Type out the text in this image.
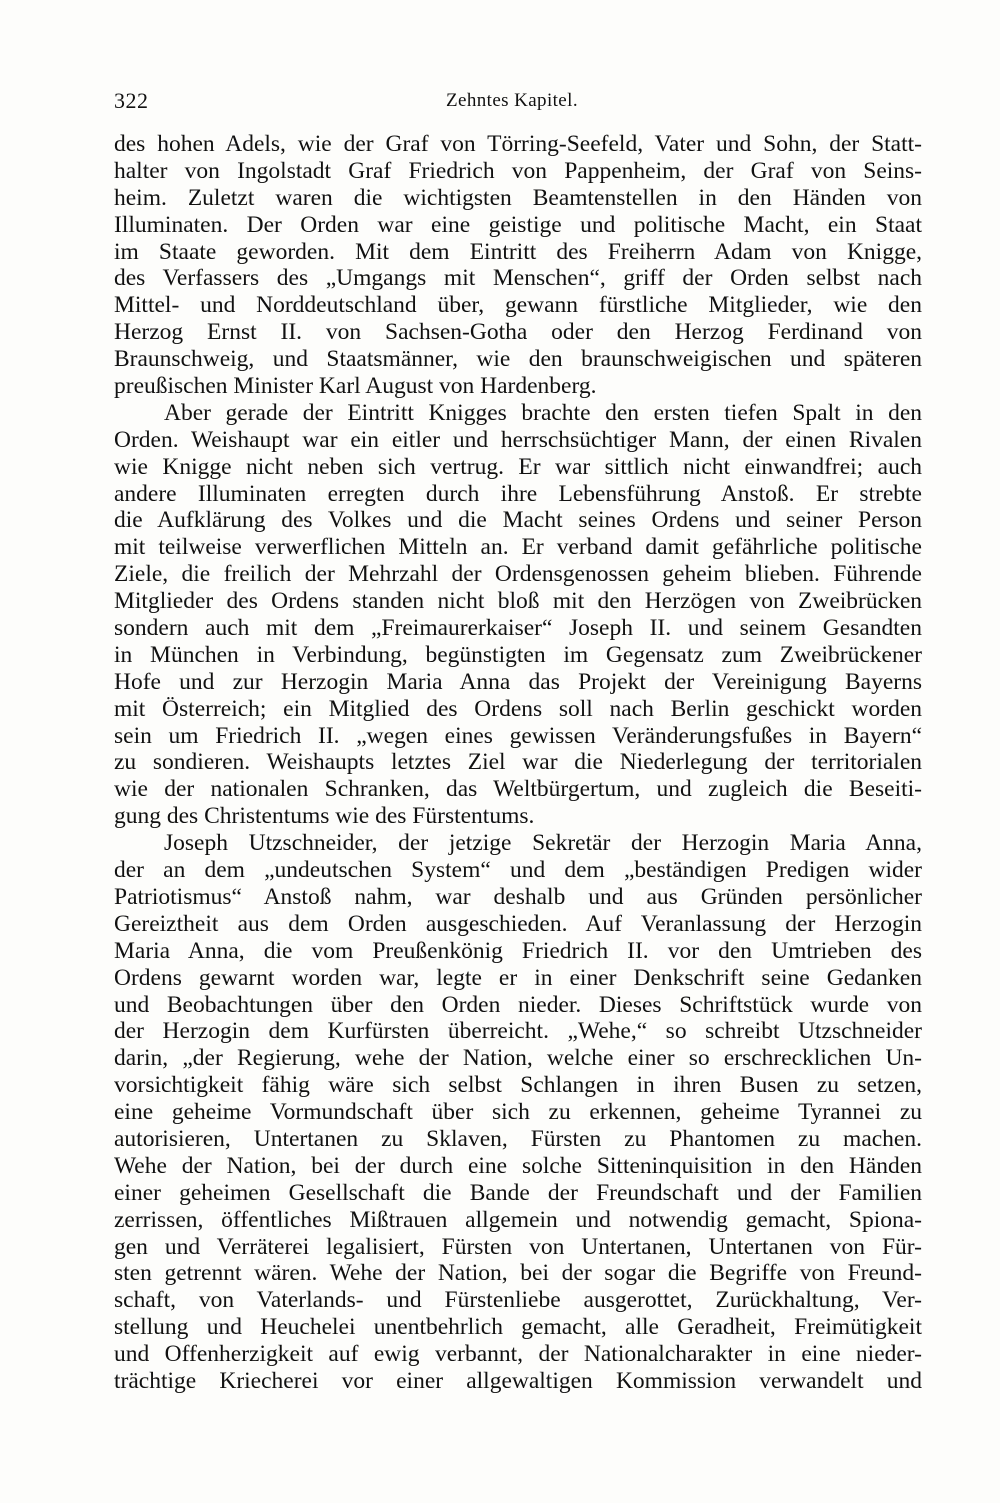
322	Zehntes Kapitel.
des hohen Adels, wie der Graf von Törring-Seefeld, Vater und Sohn, der Statt-
halter von Ingolstadt Graf Friedrich von Pappenheim, der Graf von Seins-
heim. Zuletzt waren die wichtigsten Beamtenstellen in den Händen von
Illuminaten. Der Orden war eine geistige und politische Macht, ein Staat
im Staate geworden. Mit dem Eintritt des Freiherrn Adam von Knigge,
des Verfassers des „Umgangs mit Menschen“, griff der Orden selbst nach
Mittel- und Norddeutschland über, gewann fürstliche Mitglieder, wie den
Herzog Ernst II. von Sachsen-Gotha oder den Herzog Ferdinand von
Braunschweig, und Staatsmänner, wie den braunschweigischen und späteren
preußischen Minister Karl August von Hardenberg.
Aber gerade der Eintritt Knigges brachte den ersten tiefen Spalt in den
Orden. Weishaupt war ein eitler und herrschsüchtiger Mann, der einen Rivalen
wie Knigge nicht neben sich vertrug. Er war sittlich nicht einwandfrei; auch
andere Illuminaten erregten durch ihre Lebensführung Anstoß. Er strebte
die Aufklärung des Volkes und die Macht seines Ordens und seiner Person
mit teilweise verwerflichen Mitteln an. Er verband damit gefährliche politische
Ziele, die freilich der Mehrzahl der Ordensgenossen geheim blieben. Führende
Mitglieder des Ordens standen nicht bloß mit den Herzögen von Zweibrücken
sondern auch mit dem „Freimaurerkaiser“ Joseph II. und seinem Gesandten
in München in Verbindung, begünstigten im Gegensatz zum Zweibrückener
Hofe und zur Herzogin Maria Anna das Projekt der Vereinigung Bayerns
mit Österreich; ein Mitglied des Ordens soll nach Berlin geschickt worden
sein um Friedrich II. „wegen eines gewissen Veränderungsfußes in Bayern“
zu sondieren. Weishaupts letztes Ziel war die Niederlegung der territorialen
wie der nationalen Schranken, das Weltbürgertum, und zugleich die Beseiti-
gung des Christentums wie des Fürstentums.
Joseph Utzschneider, der jetzige Sekretär der Herzogin Maria Anna,
der an dem „undeutschen System“ und dem „beständigen Predigen wider
Patriotismus“ Anstoß nahm, war deshalb und aus Gründen persönlicher
Gereiztheit aus dem Orden ausgeschieden. Auf Veranlassung der Herzogin
Maria Anna, die vom Preußenkönig Friedrich II. vor den Umtrieben des
Ordens gewarnt worden war, legte er in einer Denkschrift seine Gedanken
und Beobachtungen über den Orden nieder. Dieses Schriftstück wurde von
der Herzogin dem Kurfürsten überreicht. „Wehe,“ so schreibt Utzschneider
darin, „der Regierung, wehe der Nation, welche einer so erschrecklichen Un-
vorsichtigkeit fähig wäre sich selbst Schlangen in ihren Busen zu setzen,
eine geheime Vormundschaft über sich zu erkennen, geheime Tyrannei zu
autorisieren, Untertanen zu Sklaven, Fürsten zu Phantomen zu machen.
Wehe der Nation, bei der durch eine solche Sitteninquisition in den Händen
einer geheimen Gesellschaft die Bande der Freundschaft und der Familien
zerrissen, öffentliches Mißtrauen allgemein und notwendig gemacht, Spiona-
gen und Verräterei legalisiert, Fürsten von Untertanen, Untertanen von Für-
sten getrennt wären. Wehe der Nation, bei der sogar die Begriffe von Freund-
schaft, von Vaterlands- und Fürstenliebe ausgerottet, Zurückhaltung, Ver-
stellung und Heuchelei unentbehrlich gemacht, alle Geradheit, Freimütigkeit
und Offenherzigkeit auf ewig verbannt, der Nationalcharakter in eine nieder-
trächtige Kriecherei vor einer allgewaltigen Kommission verwandelt und
